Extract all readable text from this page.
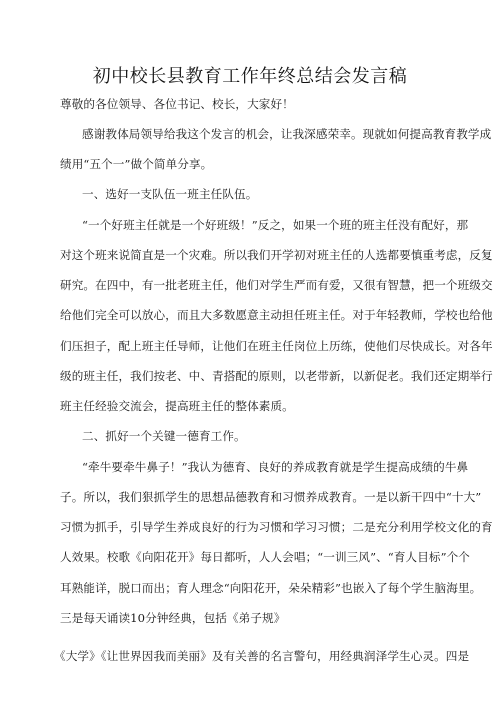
初中校长县教育工作年终总结会发言稿
尊敬的各位领导、各位书记、校长，大家好！
感谢教体局领导给我这个发言的机会，让我深感荣幸。现就如何提高教育教学成
绩用“五个一”做个简单分享。
一、选好一支队伍一班主任队伍。
“一个好班主任就是一个好班级！”反之，如果一个班的班主任没有配好，那
对这个班来说简直是一个灾难。所以我们开学初对班主任的人选都要慎重考虑，反复
研究。在四中，有一批老班主任，他们对学生严而有爱，又很有智慧，把一个班级交
给他们完全可以放心，而且大多数愿意主动担任班主任。对于年轻教师，学校也给他
们压担子，配上班主任导师，让他们在班主任岗位上历练，使他们尽快成长。对各年
级的班主任，我们按老、中、青搭配的原则，以老带新，以新促老。我们还定期举行
班主任经验交流会，提高班主任的整体素质。
二、抓好一个关键一德育工作。
“牵牛要牵牛鼻子！”我认为德育、良好的养成教育就是学生提高成绩的牛鼻
子。所以，我们狠抓学生的思想品德教育和习惯养成教育。一是以新干四中“十大”
习惯为抓手，引导学生养成良好的行为习惯和学习习惯；二是充分利用学校文化的育
人效果。校歌《向阳花开》每日都听，人人会唱；“一训三风”、“育人目标”个个
耳熟能详，脱口而出；育人理念“向阳花开，朵朵精彩”也嵌入了每个学生脑海里。
三是每天诵读10分钟经典，包括《弟子规》
《大学》《让世界因我而美丽》及有关善的名言警句，用经典润泽学生心灵。四是
